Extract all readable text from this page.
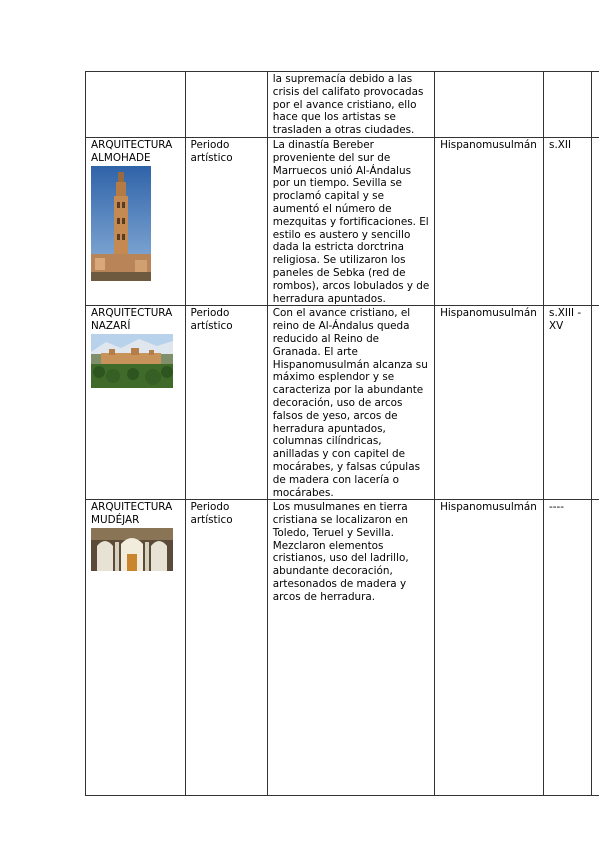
		la supremacía debido a las crisis del califato provocadas por el avance cristiano, ello hace que los artistas se trasladen a otras ciudades.			

ARQUITECTURA ALMOHADE	Periodo artístico	La dinastía Bereber proveniente del sur de Marruecos unió Al-Ándalus por un tiempo. Sevilla se proclamó capital y se aumentó el número de mezquitas y fortificaciones. El estilo es austero y sencillo dada la estricta dorctrina religiosa. Se utilizaron los paneles de Sebka (red de rombos), arcos lobulados y de herradura apuntados.	Hispanomusulmán	s.XII	

ARQUITECTURA NAZARÍ	Periodo artístico	Con el avance cristiano, el reino de Al-Ándalus queda reducido al Reino de Granada. El arte Hispanomusulmán alcanza su máximo esplendor y se caracteriza por la abundante decoración, uso de arcos falsos de yeso, arcos de herradura apuntados, columnas cilíndricas, anilladas y con capitel de mocárabes, y falsas cúpulas de madera con lacería o mocárabes.	Hispanomusulmán	s.XIII - XV	

ARQUITECTURA MUDÉJAR	Periodo artístico	Los musulmanes en tierra cristiana se localizaron en Toledo, Teruel y Sevilla. Mezclaron elementos cristianos, uso del ladrillo, abundante decoración, artesonados de madera y arcos de herradura.	Hispanomusulmán	----	
